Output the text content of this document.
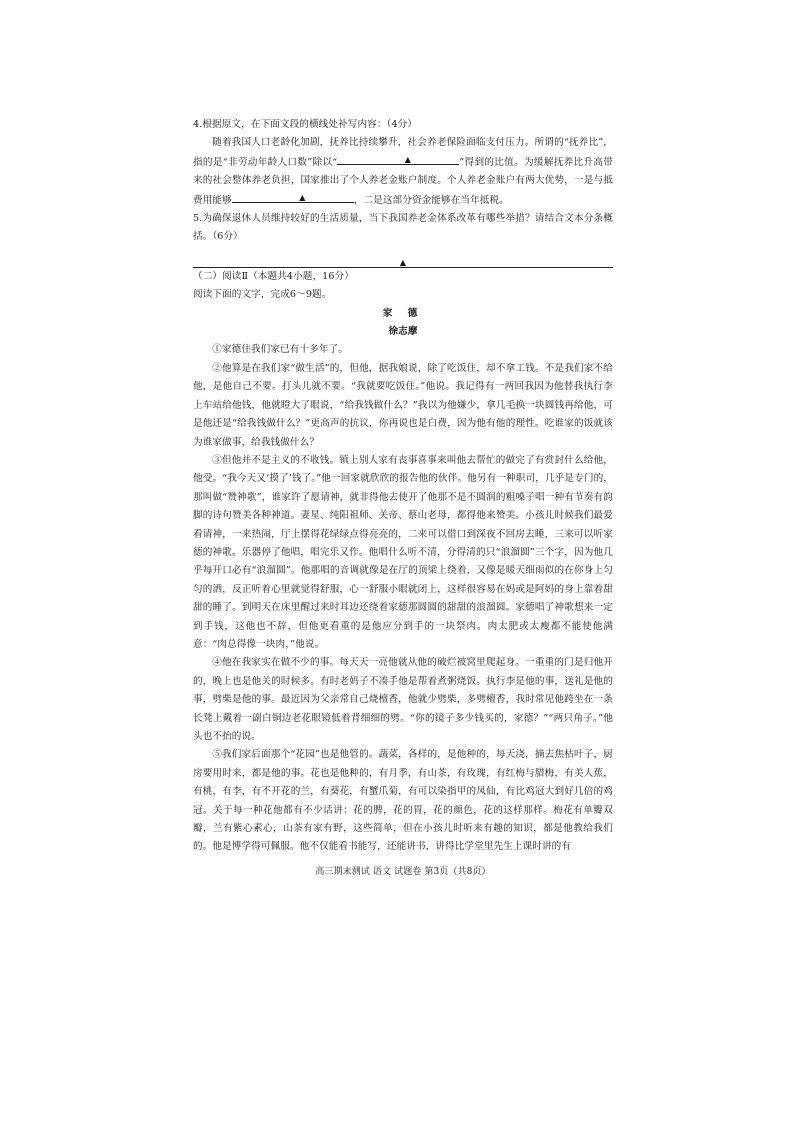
4.根据原文，在下面文段的横线处补写内容：（4分）

随着我国人口老龄化加剧，抚养比持续攀升，社会养老保险面临支付压力。所谓的“抚养比”，指的是“非劳动年龄人口数”除以“	▲	”得到的比值。为缓解抚养比升高带来的社会整体养老负担，国家推出了个人养老金账户制度。个人养老金账户有两大优势，一是与抵费用能够	▲	，二是这部分资金能够在当年抵税。

5.为确保退休人员维持较好的生活质量，当下我国养老金体系改革有哪些举措？请结合文本分条概括。（6分）

▲

（二）阅读Ⅱ（本题共4小题，16分）

阅读下面的文字，完成6～9题。

家 德

徐志摩

①家德住我们家已有十多年了。

②他算是在我们家“做生活”的，但他，据我娘说，除了吃饭住，却不拿工钱。不是我们家不给他，是他自己不要。打头儿就不要。“我就要吃饭住。”他说。我记得有一两回我因为他替我执行李上车站给他钱，他就瞪大了眼说，“给我钱做什么？”我以为他嫌少，拿几毛换一块圆钱再给他，可是他还是“给我钱做什么？”更高声的抗议，你再说也是白费，因为他有他的理性。吃谁家的饭就该为谁家做事，给我钱做什么？

③但他并不是主义的不收钱。镇上别人家有丧事喜事来叫他去帮忙的做完了有赏封什么给他，他受。“我今天又‘摸了’钱了。”他一回家就欣欣的报告他的伙伴。他另有一种职司，几乎是专门的，那叫做“赞神歌”，谁家许了愿请神，就非得他去使开了他那不是不圆润的粗嗓子唱一种有节奏有韵脚的诗句赞美各种神道。妻星、纯阳祖师、关帝、蔡山老母，都得他来赞美。小孩儿时候我们最爱看请神，一来热闹，厅上摆得花绿绿点得亮亮的，二来可以借口到深夜不回房去睡，三来可以听家德的神歌。乐器停了他唱，唱完乐又作。他唱什么听不清，分得清的只“浪溜圆”三个字，因为他几乎每开口必有“浪溜圆”。他那唱的音调就像是在厅的顶梁上绕着，又像是暖天细雨似的在你身上匀匀的洒，反正听着心里就觉得舒服，心一舒服小眼就闭上，这样很容易在妈或是阿妈的身上靠着甜甜的睡了。到明天在床里醒过来时耳边还绕着家德那圆圆的甜甜的浪溜圆。家德唱了神歌想来一定到手钱，这他也不辞，但他更看重的是他应分到手的一块祭肉。肉太肥或太瘦都不能使他满意：“肉总得像一块肉，”他说。

④他在我家实在做不少的事。每天天一亮他就从他的破烂被窝里爬起身。一重重的门是归他开的，晚上也是他关的时候多。有时老妈子不凑手他是帮着煮粥烧饭。执行李是他的事，送礼是他的事，劈柴是他的事。最近因为父亲常自己烧檀香，他就少劈柴，多劈檀香，我时常见他跨坐在一条长凳上戴着一副白铜边老花眼镜低着背细细的劈。“你的镜子多少钱买的，家德？”“两只角子。”他头也不抬的说。

⑤我们家后面那个“花园”也是他管的。蔬菜，各样的，是他种的，每天浇，摘去焦枯叶子，厨房要用时来，都是他的事。花也是他种的，有月季，有山茶，有玫瑰，有红梅与腊梅，有美人蕉，有桃，有李，有不开花的兰，有葵花，有蟹爪菊，有可以染指甲的凤仙，有比鸡冠大到好几倍的鸡冠。关于每一种花他都有不少话讲：花的脾，花的胃，花的颜色，花的这样那样。梅花有单瓣双瓣，兰有紫心素心，山茶有家有野，这些简单，但在小孩儿时听来有趣的知识，都是他教给我们的。他是博学得可佩服。他不仅能看书能写，还能讲书，讲得比学堂里先生上课时讲的有

高三期末测试 语文 试题卷 第3页（共8页）
